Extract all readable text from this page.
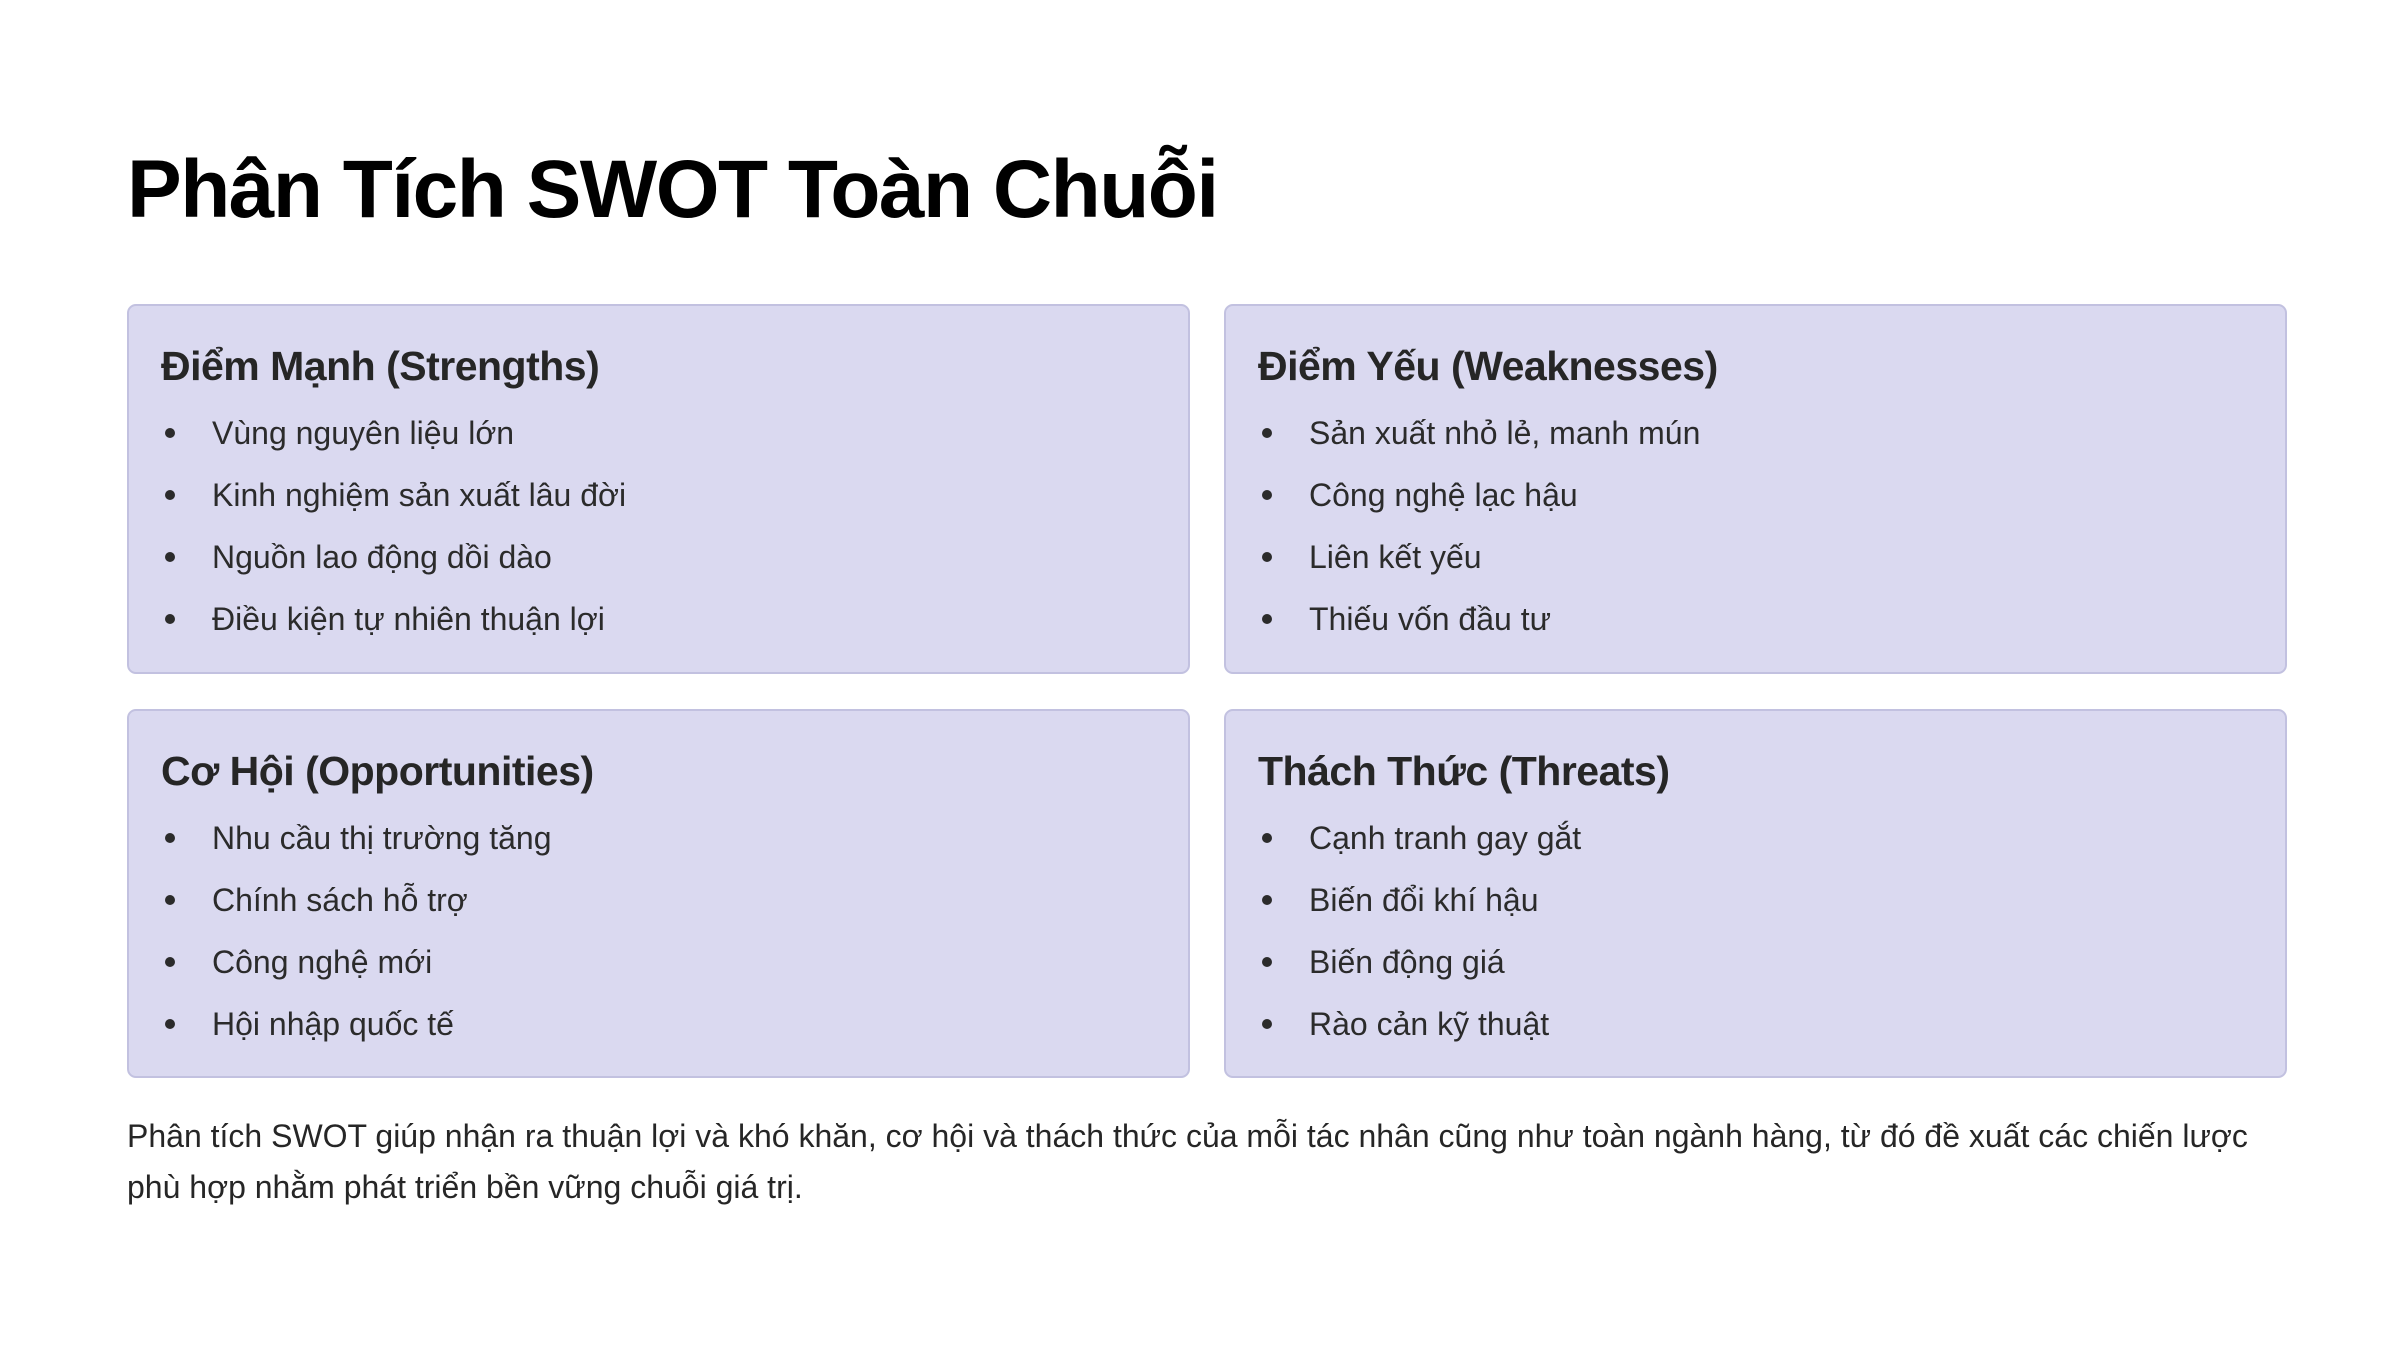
Phân Tích SWOT Toàn Chuỗi
Điểm Mạnh (Strengths)
Vùng nguyên liệu lớn
Kinh nghiệm sản xuất lâu đời
Nguồn lao động dồi dào
Điều kiện tự nhiên thuận lợi
Điểm Yếu (Weaknesses)
Sản xuất nhỏ lẻ, manh mún
Công nghệ lạc hậu
Liên kết yếu
Thiếu vốn đầu tư
Cơ Hội (Opportunities)
Nhu cầu thị trường tăng
Chính sách hỗ trợ
Công nghệ mới
Hội nhập quốc tế
Thách Thức (Threats)
Cạnh tranh gay gắt
Biến đổi khí hậu
Biến động giá
Rào cản kỹ thuật

Phân tích SWOT giúp nhận ra thuận lợi và khó khăn, cơ hội và thách thức của mỗi tác nhân cũng như toàn ngành hàng, từ đó đề xuất các chiến lược phù hợp nhằm phát triển bền vững chuỗi giá trị.
